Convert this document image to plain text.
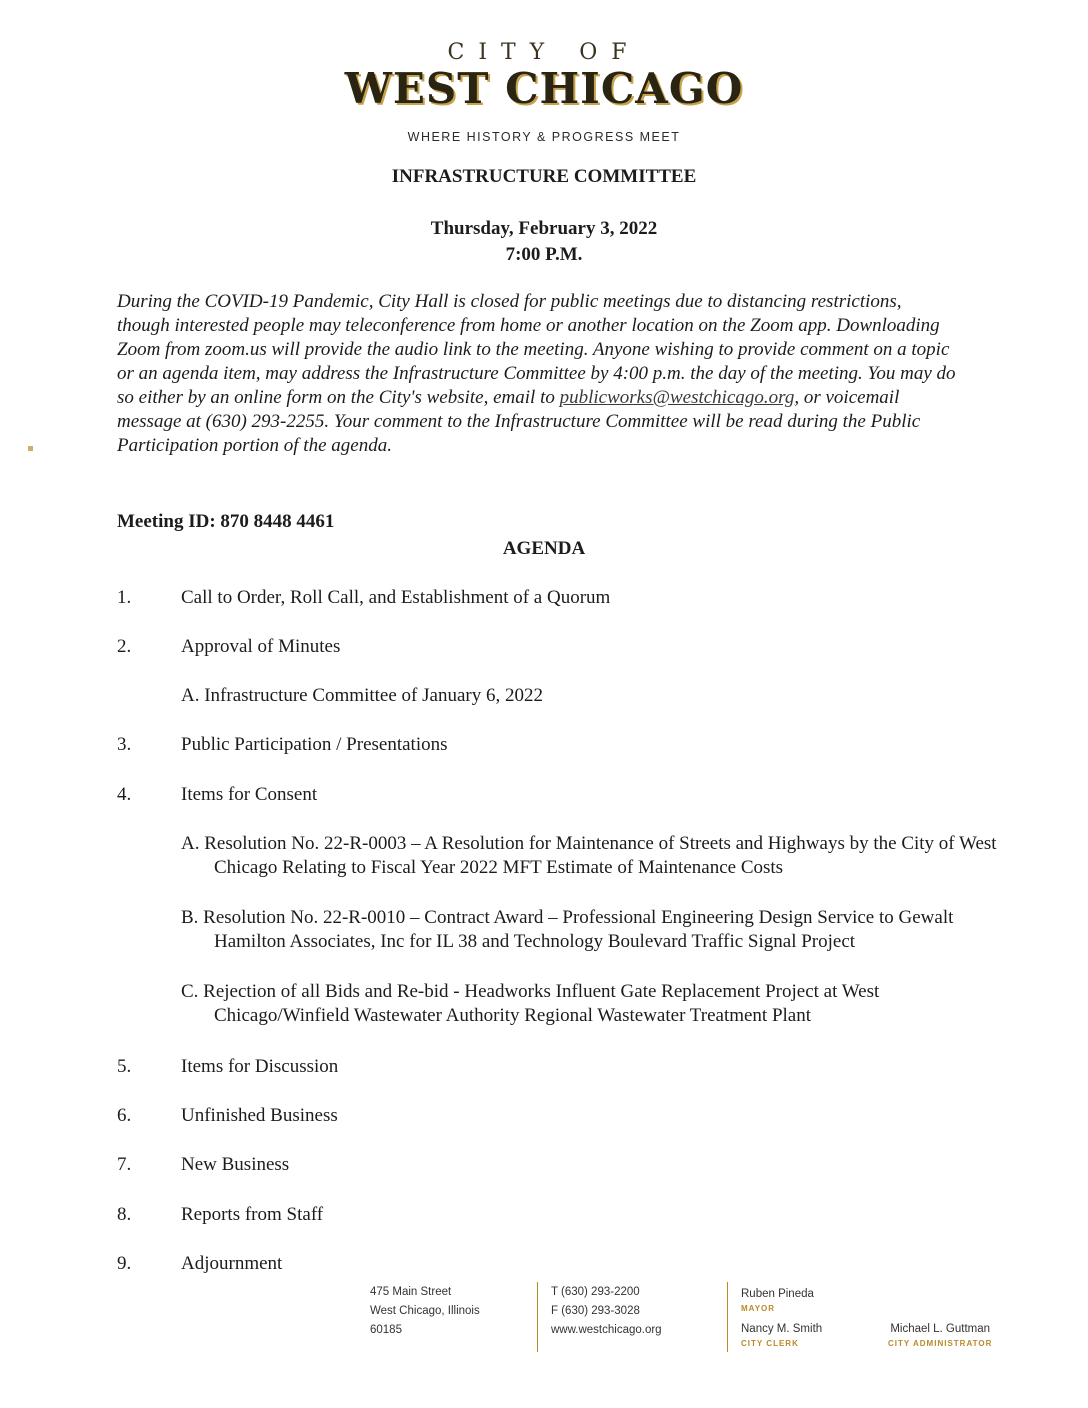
CITY OF
WEST CHICAGO
WHERE HISTORY & PROGRESS MEET
INFRASTRUCTURE COMMITTEE
Thursday, February 3, 2022
7:00 P.M.
During the COVID-19 Pandemic, City Hall is closed for public meetings due to distancing restrictions, though interested people may teleconference from home or another location on the Zoom app. Downloading Zoom from zoom.us will provide the audio link to the meeting. Anyone wishing to provide comment on a topic or an agenda item, may address the Infrastructure Committee by 4:00 p.m. the day of the meeting. You may do so either by an online form on the City's website, email to publicworks@westchicago.org, or voicemail message at (630) 293-2255. Your comment to the Infrastructure Committee will be read during the Public Participation portion of the agenda.
Meeting ID: 870 8448 4461
AGENDA
1.	Call to Order, Roll Call, and Establishment of a Quorum
2.	Approval of Minutes
A. Infrastructure Committee of January 6, 2022
3.	Public Participation / Presentations
4.	Items for Consent
A. Resolution No. 22-R-0003 – A Resolution for Maintenance of Streets and Highways by the City of West Chicago Relating to Fiscal Year 2022 MFT Estimate of Maintenance Costs
B. Resolution No. 22-R-0010 – Contract Award – Professional Engineering Design Service to Gewalt Hamilton Associates, Inc for IL 38 and Technology Boulevard Traffic Signal Project
C. Rejection of all Bids and Re-bid - Headworks Influent Gate Replacement Project at West Chicago/Winfield Wastewater Authority Regional Wastewater Treatment Plant
5.	Items for Discussion
6.	Unfinished Business
7.	New Business
8.	Reports from Staff
9.	Adjournment
475 Main Street
West Chicago, Illinois
60185
T (630) 293-2200
F (630) 293-3028
www.westchicago.org
Ruben Pineda
MAYOR
Nancy M. Smith
CITY CLERK
Michael L. Guttman
CITY ADMINISTRATOR
